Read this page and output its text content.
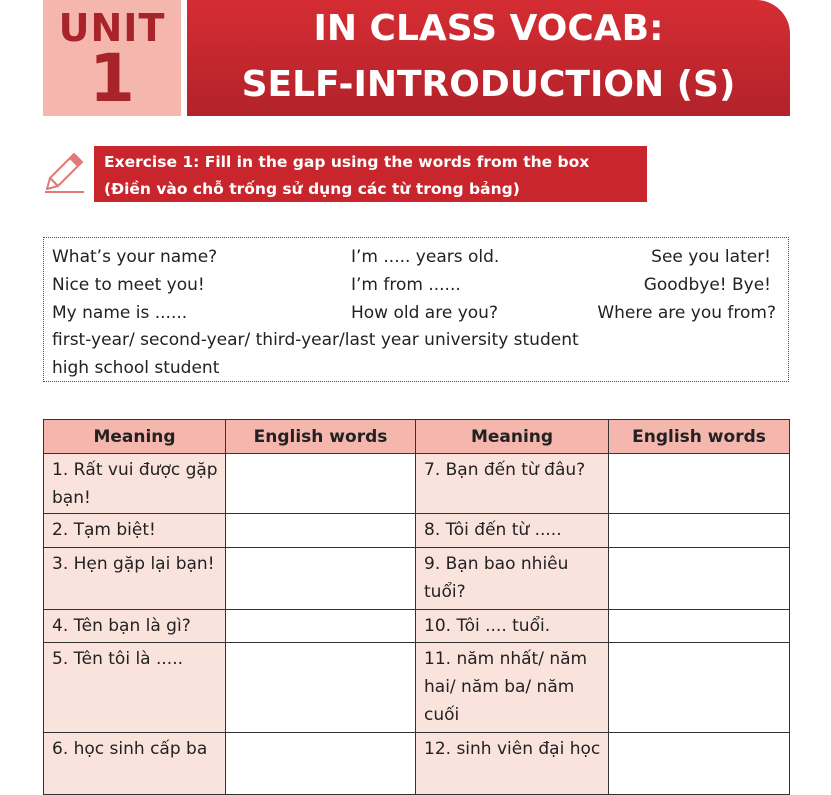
UNIT
1
IN CLASS VOCAB:
SELF-INTRODUCTION (S)
Exercise 1: Fill in the gap using the words from the box
(Điền vào chỗ trống sử dụng các từ trong bảng)
What’s your name?	I’m ..... years old.	See you later!
Nice to meet you!	I’m from ......	Goodbye! Bye!
My name is ......	How old are you?	Where are you from?
first-year/ second-year/ third-year/last year university student
high school student
Meaning	English words	Meaning	English words
1. Rất vui được gặp bạn!		7. Bạn đến từ đâu?	
2. Tạm biệt!		8. Tôi đến từ .....	
3. Hẹn gặp lại bạn!		9. Bạn bao nhiêu tuổi?	
4. Tên bạn là gì?		10. Tôi .... tuổi.	
5. Tên tôi là .....		11. năm nhất/ năm hai/ năm ba/ năm cuối	
6. học sinh cấp ba		12. sinh viên đại học	
